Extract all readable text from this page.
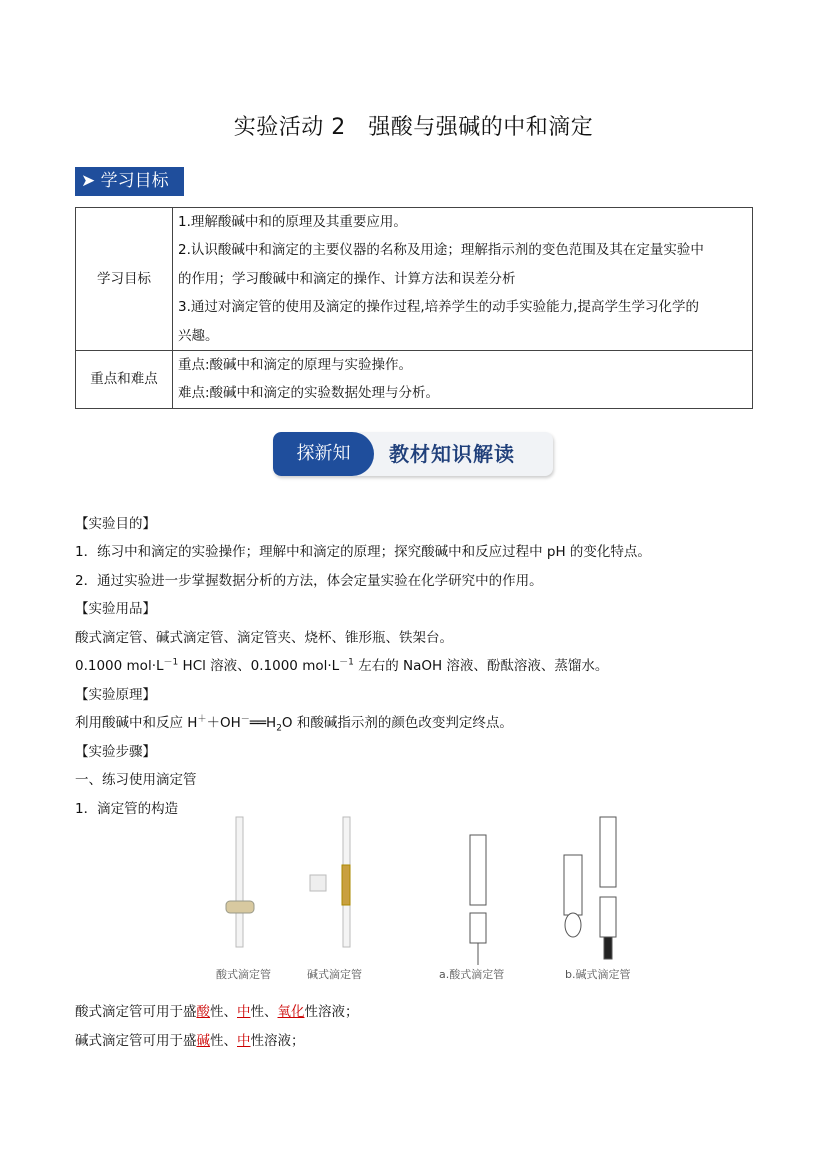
实验活动 2　强酸与强碱的中和滴定
➤ 学习目标
学习目标	1.理解酸碱中和的原理及其重要应用。
2.认识酸碱中和滴定的主要仪器的名称及用途；理解指示剂的变色范围及其在定量实验中
的作用；学习酸碱中和滴定的操作、计算方法和误差分析
3.通过对滴定管的使用及滴定的操作过程,培养学生的动手实验能力,提高学生学习化学的
兴趣。

重点和难点	重点:酸碱中和滴定的原理与实验操作。
难点:酸碱中和滴定的实验数据处理与分析。
探新知	教材知识解读
【实验目的】
1．练习中和滴定的实验操作；理解中和滴定的原理；探究酸碱中和反应过程中 pH 的变化特点。
2．通过实验进一步掌握数据分析的方法，体会定量实验在化学研究中的作用。
【实验用品】
酸式滴定管、碱式滴定管、滴定管夹、烧杯、锥形瓶、铁架台。
0.1000 $mol\cdot L^{-1}$ HCl 溶液、0.1000 $mol\cdot L^{-1}$ 左右的 NaOH 溶液、酚酞溶液、蒸馏水。
【实验原理】
利用酸碱中和反应 $H^++OH^-══H_2O$ 和酸碱指示剂的颜色改变判定终点。
【实验步骤】
一、练习使用滴定管
1．滴定管的构造
酸式滴定管	碱式滴定管	a.酸式滴定管	b.碱式滴定管
酸式滴定管可用于盛酸性、中性、氧化性溶液；
碱式滴定管可用于盛碱性、中性溶液；
